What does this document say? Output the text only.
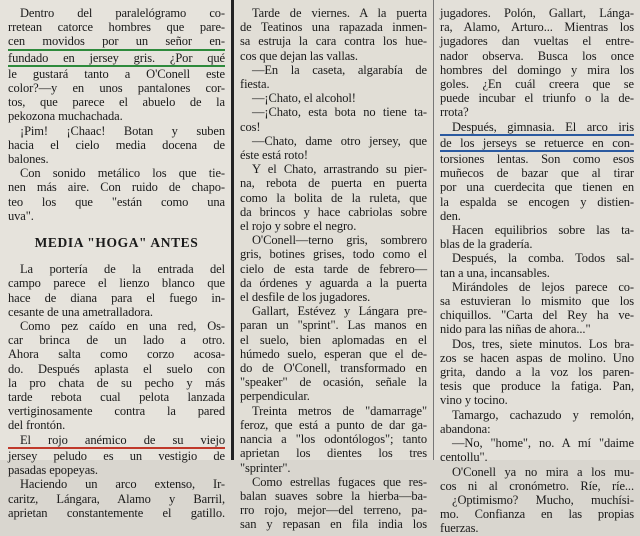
Dentro del paralelógramo co-
rretean catorce hombres que pare-
cen movidos por un señor en-
fundado en jersey gris. ¿Por qué
le gustará tanto a O'Conell este
color?—y en unos pantalones cor-
tos, que parece el abuelo de la
pekozona muchachada.
¡Pim! ¡Chaac! Botan y suben
hacia el cielo media docena de
balones.
Con sonido metálico los que tie-
nen más aire. Con ruido de chapo-
teo los que "están como una
uva".
MEDIA "HOGA" ANTES
La portería de la entrada del
campo parece el lienzo blanco que
hace de diana para el fuego in-
cesante de una ametralladora.
Como pez caído en una red, Os-
car brinca de un lado a otro.
Ahora salta como corzo acosa-
do. Después aplasta el suelo con
la pro chata de su pecho y más
tarde rebota cual pelota lanzada
vertiginosamente contra la pared
del frontón.
El rojo anémico de su viejo
jersey peludo es un vestigio de
pasadas epopeyas.
Haciendo un arco extenso, Ir-
caritz, Lángara, Alamo y Barril,
aprietan constantemente el gatillo.
Tarde de viernes. A la puerta
de Teatinos una rapazada inmen-
sa estruja la cara contra los hue-
cos que dejan las vallas.
—En la caseta, algarabía de
fiesta.
—¡Chato, el alcohol!
—¡Chato, esta bota no tiene ta-
cos!
—Chato, dame otro jersey, que
éste está roto!
Y el Chato, arrastrando su pier-
na, rebota de puerta en puerta
como la bolita de la ruleta, que
da brincos y hace cabriolas sobre
el rojo y sobre el negro.
O'Conell—terno gris, sombrero
gris, botines grises, todo como el
cielo de esta tarde de febrero—
da órdenes y aguarda a la puerta
el desfile de los jugadores.
Gallart, Estévez y Lángara pre-
paran un "sprint". Las manos en
el suelo, bien aplomadas en el
húmedo suelo, esperan que el de-
do de O'Conell, transformado en
"speaker" de ocasión, señale la
perpendicular.
Treinta metros de "damarrage"
feroz, que está a punto de dar ga-
nancia a "los odontólogos"; tanto
aprietan los dientes los tres
"sprinter".
Como estrellas fugaces que res-
balan suaves sobre la hierba—ba-
rro rojo, mejor—del terreno, pa-
san y repasan en fila india los
jugadores. Polón, Gallart, Lánga-
ra, Alamo, Arturo... Mientras los
jugadores dan vueltas el entre-
nador observa. Busca los once
hombres del domingo y mira los
goles. ¿En cuál creera que se
puede incubar el triunfo o la de-
rrota?
Después, gimnasia. El arco iris
de los jerseys se retuerce en con-
torsiones lentas. Son como esos
muñecos de bazar que al tirar
por una cuerdecita que tienen en
la espalda se encogen y distien-
den.
Hacen equilibrios sobre las ta-
blas de la gradería.
Después, la comba. Todos sal-
tan a una, incansables.
Mirándoles de lejos parece co-
sa estuvieran lo mismito que los
chiquillos. "Carta del Rey ha ve-
nido para las niñas de ahora..."
Dos, tres, siete minutos. Los bra-
zos se hacen aspas de molino. Uno
grita, dando a la voz los paren-
tesis que produce la fatiga. Pan,
vino y tocino.
Tamargo, cachazudo y remolón,
abandona:
—No, "home", no. A mí "daime
centollu".
O'Conell ya no mira a los mu-
cos ni al cronómetro. Ríe, ríe...
¿Optimismo? Mucho, muchísi-
mo. Confianza en las propias
fuerzas.
